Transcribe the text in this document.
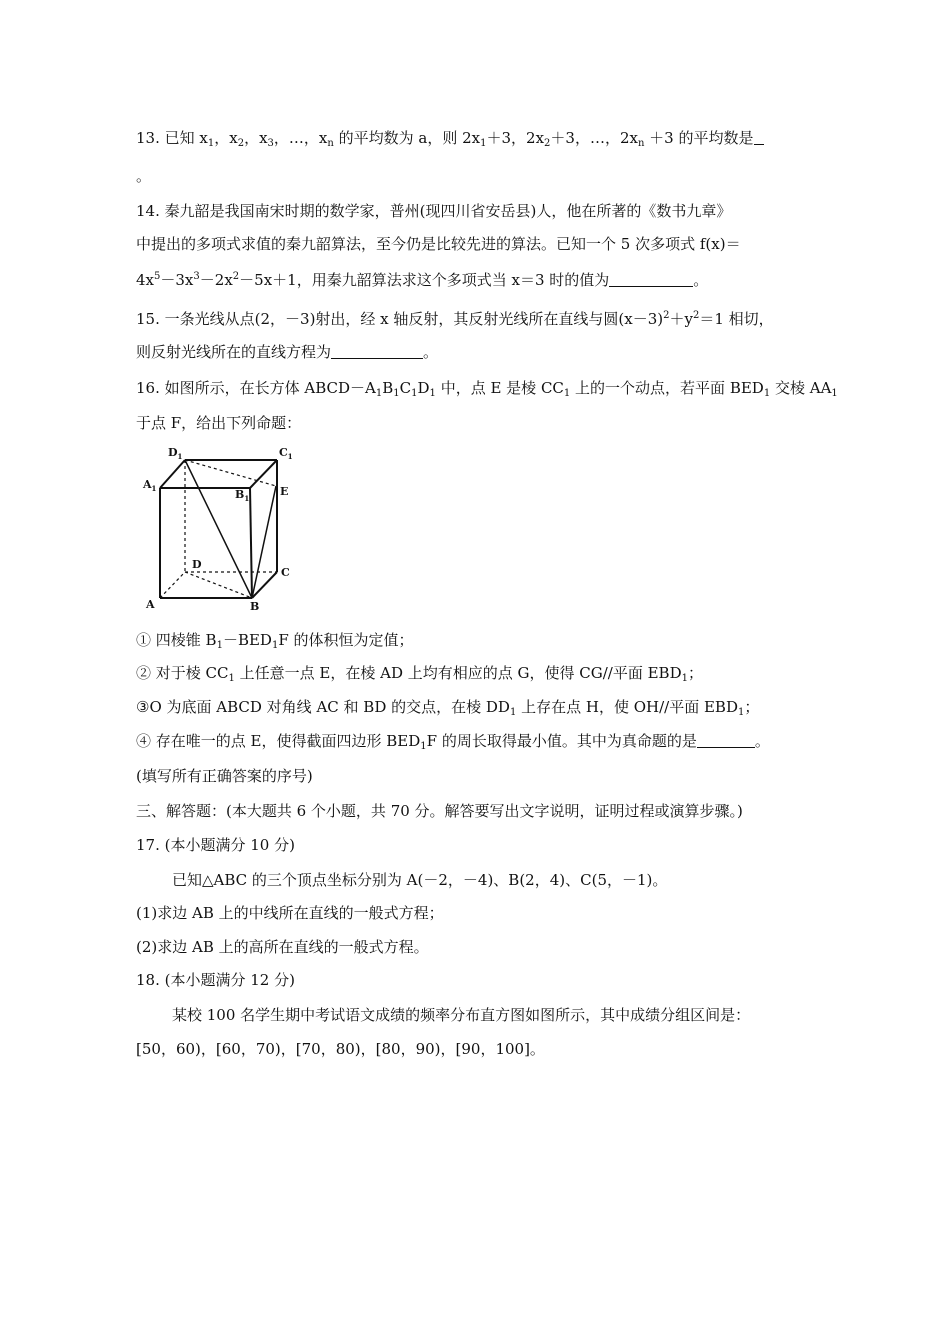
13. 已知 $x_1$，$x_2$，$x_3$，…，$x_n$ 的平均数为 a，则 $2x_1+3$，$2x_2+3$，…，$2x_n +3$ 的平均数是
。
14. 秦九韶是我国南宋时期的数学家，普州(现四川省安岳县)人，他在所著的《数书九章》
中提出的多项式求值的秦九韶算法，至今仍是比较先进的算法。已知一个 5 次多项式 f(x)＝
$4x^5-3x^3-2x^2-5x+1$，用秦九韶算法求这个多项式当 x＝3 时的值为	。
15. 一条光线从点(2，－3)射出，经 x 轴反射，其反射光线所在直线与圆$(x-3)^2+y^2=1$ 相切，
则反射光线所在的直线方程为	。
16. 如图所示，在长方体 $ABCD-A_1B_1C_1D_1$ 中，点 E 是棱 $CC_1$ 上的一个动点，若平面 $BED_1$ 交棱 $AA_1$
于点 F，给出下列命题：
$D_1$	$C_1$
$A_1$	$B_1$
E
D
C
A	B
① 四棱锥 $B_1-BED_1F$ 的体积恒为定值；
② 对于棱 $CC_1$ 上任意一点 E，在棱 AD 上均有相应的点 G，使得 CG//平面 $EBD_1$；
③O 为底面 ABCD 对角线 AC 和 BD 的交点，在棱 $DD_1$ 上存在点 H，使 OH//平面 $EBD_1$；
④ 存在唯一的点 E，使得截面四边形 $BED_1F$ 的周长取得最小值。其中为真命题的是	。
(填写所有正确答案的序号)
三、解答题：(本大题共 6 个小题，共 70 分。解答要写出文字说明，证明过程或演算步骤。)
17. (本小题满分 10 分)
已知△ABC 的三个顶点坐标分别为 A(－2，－4)、B(2，4)、C(5，－1)。
(1)求边 AB 上的中线所在直线的一般式方程；
(2)求边 AB 上的高所在直线的一般式方程。
18. (本小题满分 12 分)
某校 100 名学生期中考试语文成绩的频率分布直方图如图所示，其中成绩分组区间是：
[50，60)，[60，70)，[70，80)，[80，90)，[90，100]。
